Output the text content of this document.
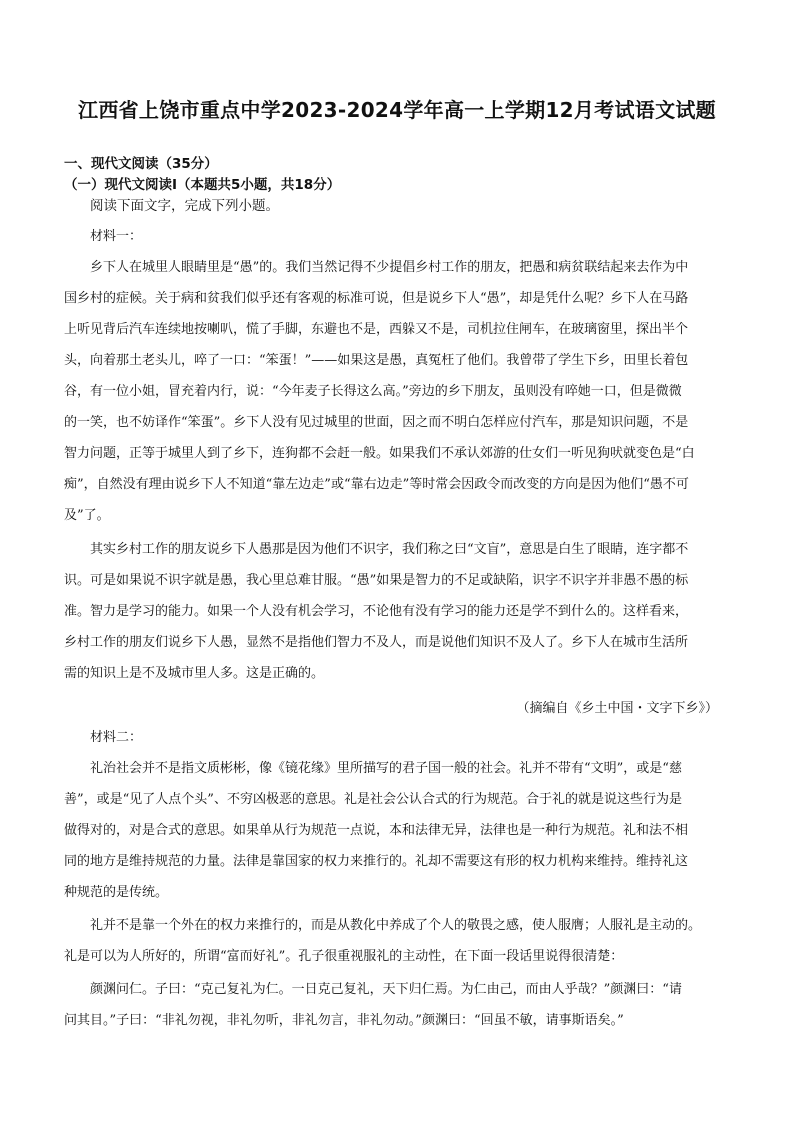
江西省上饶市重点中学2023-2024学年高一上学期12月考试语文试题
一、现代文阅读（35分）
（一）现代文阅读Ⅰ（本题共5小题，共18分）
阅读下面文字，完成下列小题。
材料一：
乡下人在城里人眼睛里是“愚”的。我们当然记得不少提倡乡村工作的朋友，把愚和病贫联结起来去作为中
国乡村的症候。关于病和贫我们似乎还有客观的标准可说，但是说乡下人“愚”，却是凭什么呢？乡下人在马路
上听见背后汽车连续地按喇叭，慌了手脚，东避也不是，西躲又不是，司机拉住闸车，在玻璃窗里，探出半个
头，向着那土老头儿，啐了一口：“笨蛋！”——如果这是愚，真冤枉了他们。我曾带了学生下乡，田里长着包
谷，有一位小姐，冒充着内行，说：“今年麦子长得这么高。”旁边的乡下朋友，虽则没有啐她一口，但是微微
的一笑，也不妨译作“笨蛋”。乡下人没有见过城里的世面，因之而不明白怎样应付汽车，那是知识问题，不是
智力问题，正等于城里人到了乡下，连狗都不会赶一般。如果我们不承认郊游的仕女们一听见狗吠就变色是“白
痴”，自然没有理由说乡下人不知道“靠左边走”或“靠右边走”等时常会因政令而改变的方向是因为他们“愚不可
及”了。
其实乡村工作的朋友说乡下人愚那是因为他们不识字，我们称之曰“文盲”，意思是白生了眼睛，连字都不
识。可是如果说不识字就是愚，我心里总难甘服。“愚”如果是智力的不足或缺陷，识字不识字并非愚不愚的标
准。智力是学习的能力。如果一个人没有机会学习，不论他有没有学习的能力还是学不到什么的。这样看来，
乡村工作的朋友们说乡下人愚，显然不是指他们智力不及人，而是说他们知识不及人了。乡下人在城市生活所
需的知识上是不及城市里人多。这是正确的。
（摘编自《乡土中国・文字下乡》）
材料二：
礼治社会并不是指文质彬彬，像《镜花缘》里所描写的君子国一般的社会。礼并不带有“文明”，或是“慈
善”，或是“见了人点个头”、不穷凶极恶的意思。礼是社会公认合式的行为规范。合于礼的就是说这些行为是
做得对的，对是合式的意思。如果单从行为规范一点说，本和法律无异，法律也是一种行为规范。礼和法不相
同的地方是维持规范的力量。法律是靠国家的权力来推行的。礼却不需要这有形的权力机构来维持。维持礼这
种规范的是传统。
礼并不是靠一个外在的权力来推行的，而是从教化中养成了个人的敬畏之感，使人服膺；人服礼是主动的。
礼是可以为人所好的，所谓“富而好礼”。孔子很重视服礼的主动性，在下面一段话里说得很清楚：
颜渊问仁。子曰：“克己复礼为仁。一日克己复礼，天下归仁焉。为仁由己，而由人乎哉？”颜渊曰：“请
问其目。”子曰：“非礼勿视，非礼勿听，非礼勿言，非礼勿动。”颜渊曰：“回虽不敏，请事斯语矣。”
